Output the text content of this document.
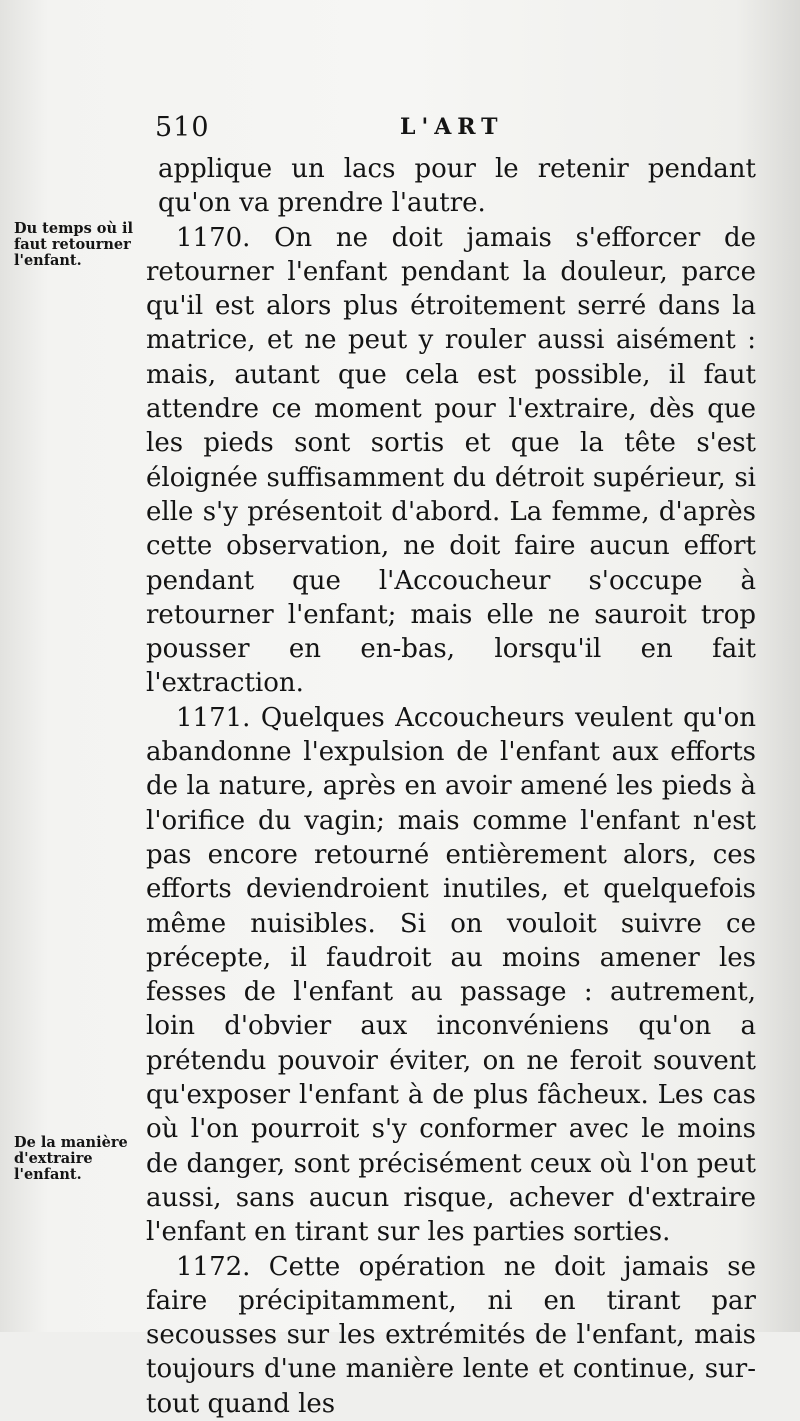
510	L'ART
Du temps où il faut retourner l'enfant.
De la manière d'extraire l'enfant.

applique un lacs pour le retenir pendant qu'on va prendre l'autre.

1170. On ne doit jamais s'efforcer de retourner l'enfant pendant la douleur, parce qu'il est alors plus étroitement serré dans la matrice, et ne peut y rouler aussi aisément : mais, autant que cela est possible, il faut attendre ce moment pour l'extraire, dès que les pieds sont sortis et que la tête s'est éloignée suffisamment du détroit supérieur, si elle s'y présentoit d'abord. La femme, d'après cette observation, ne doit faire aucun effort pendant que l'Accoucheur s'occupe à retourner l'enfant; mais elle ne sauroit trop pousser en en-bas, lorsqu'il en fait l'extraction.

1171. Quelques Accoucheurs veulent qu'on abandonne l'expulsion de l'enfant aux efforts de la nature, après en avoir amené les pieds à l'orifice du vagin; mais comme l'enfant n'est pas encore retourné entièrement alors, ces efforts deviendroient inutiles, et quelquefois même nuisibles. Si on vouloit suivre ce précepte, il faudroit au moins amener les fesses de l'enfant au passage : autrement, loin d'obvier aux inconvéniens qu'on a prétendu pouvoir éviter, on ne feroit souvent qu'exposer l'enfant à de plus fâcheux. Les cas où l'on pourroit s'y conformer avec le moins de danger, sont précisément ceux où l'on peut aussi, sans aucun risque, achever d'extraire l'enfant en tirant sur les parties sorties.

1172. Cette opération ne doit jamais se faire précipitamment, ni en tirant par secousses sur les extrémités de l'enfant, mais toujours d'une manière lente et continue, sur-tout quand les
